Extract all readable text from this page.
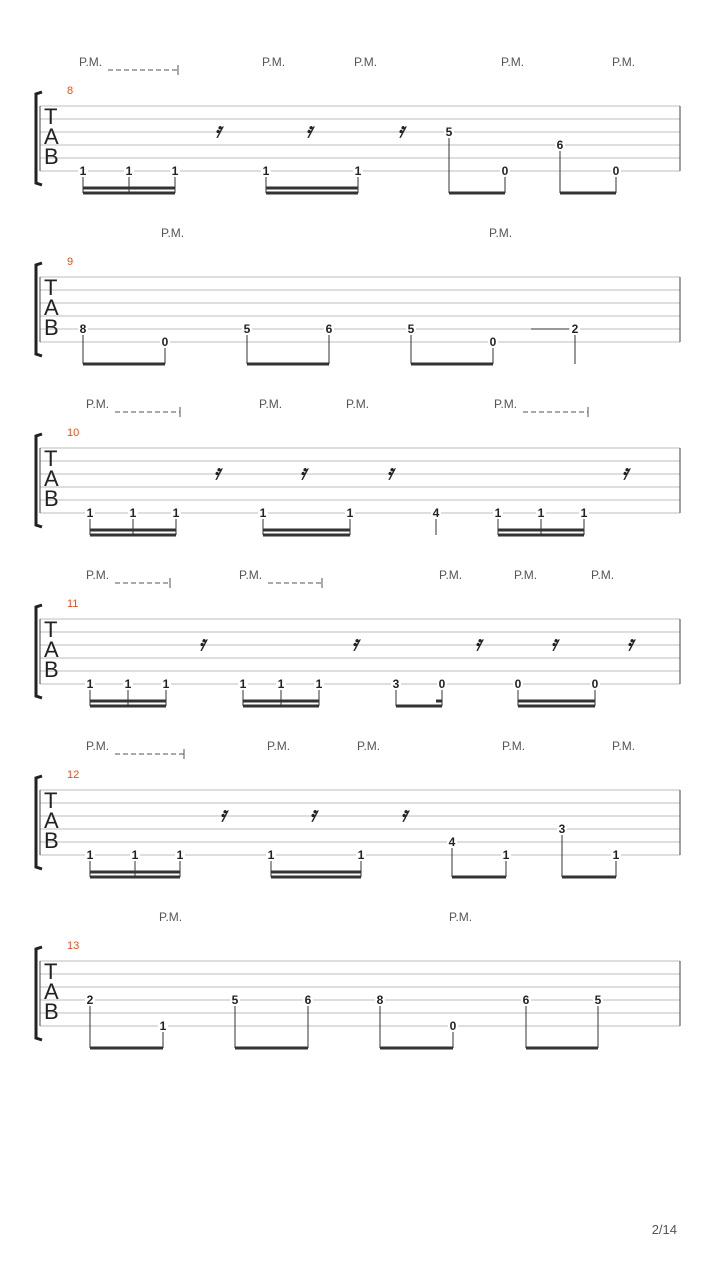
T
A
B
8
P.M.	P.M.	P.M.	P.M.	P.M.
𝄿	𝄿	𝄿
1	1	1	1	1
5
0
6
0
T
A
B
9
P.M.	P.M.
8
0
5	6	5
0
2
T
A
B
10
P.M.	P.M.	P.M.	P.M.
𝄿	𝄿	𝄿	𝄿
1	1	1	1	1	4	1	1	1
T
A
B
11
P.M.	P.M.	P.M.	P.M.	P.M.
𝄿	𝄿	𝄿	𝄿	𝄿
1	1	1	1	1	1	3	0	0	0
T
A
B
12
P.M.	P.M.	P.M.	P.M.	P.M.
𝄿	𝄿	𝄿
1	1	1	1	1
4
1
3
1
T
A
B
13
P.M.	P.M.
2
1
5	6	8
0
6	5
2/14
